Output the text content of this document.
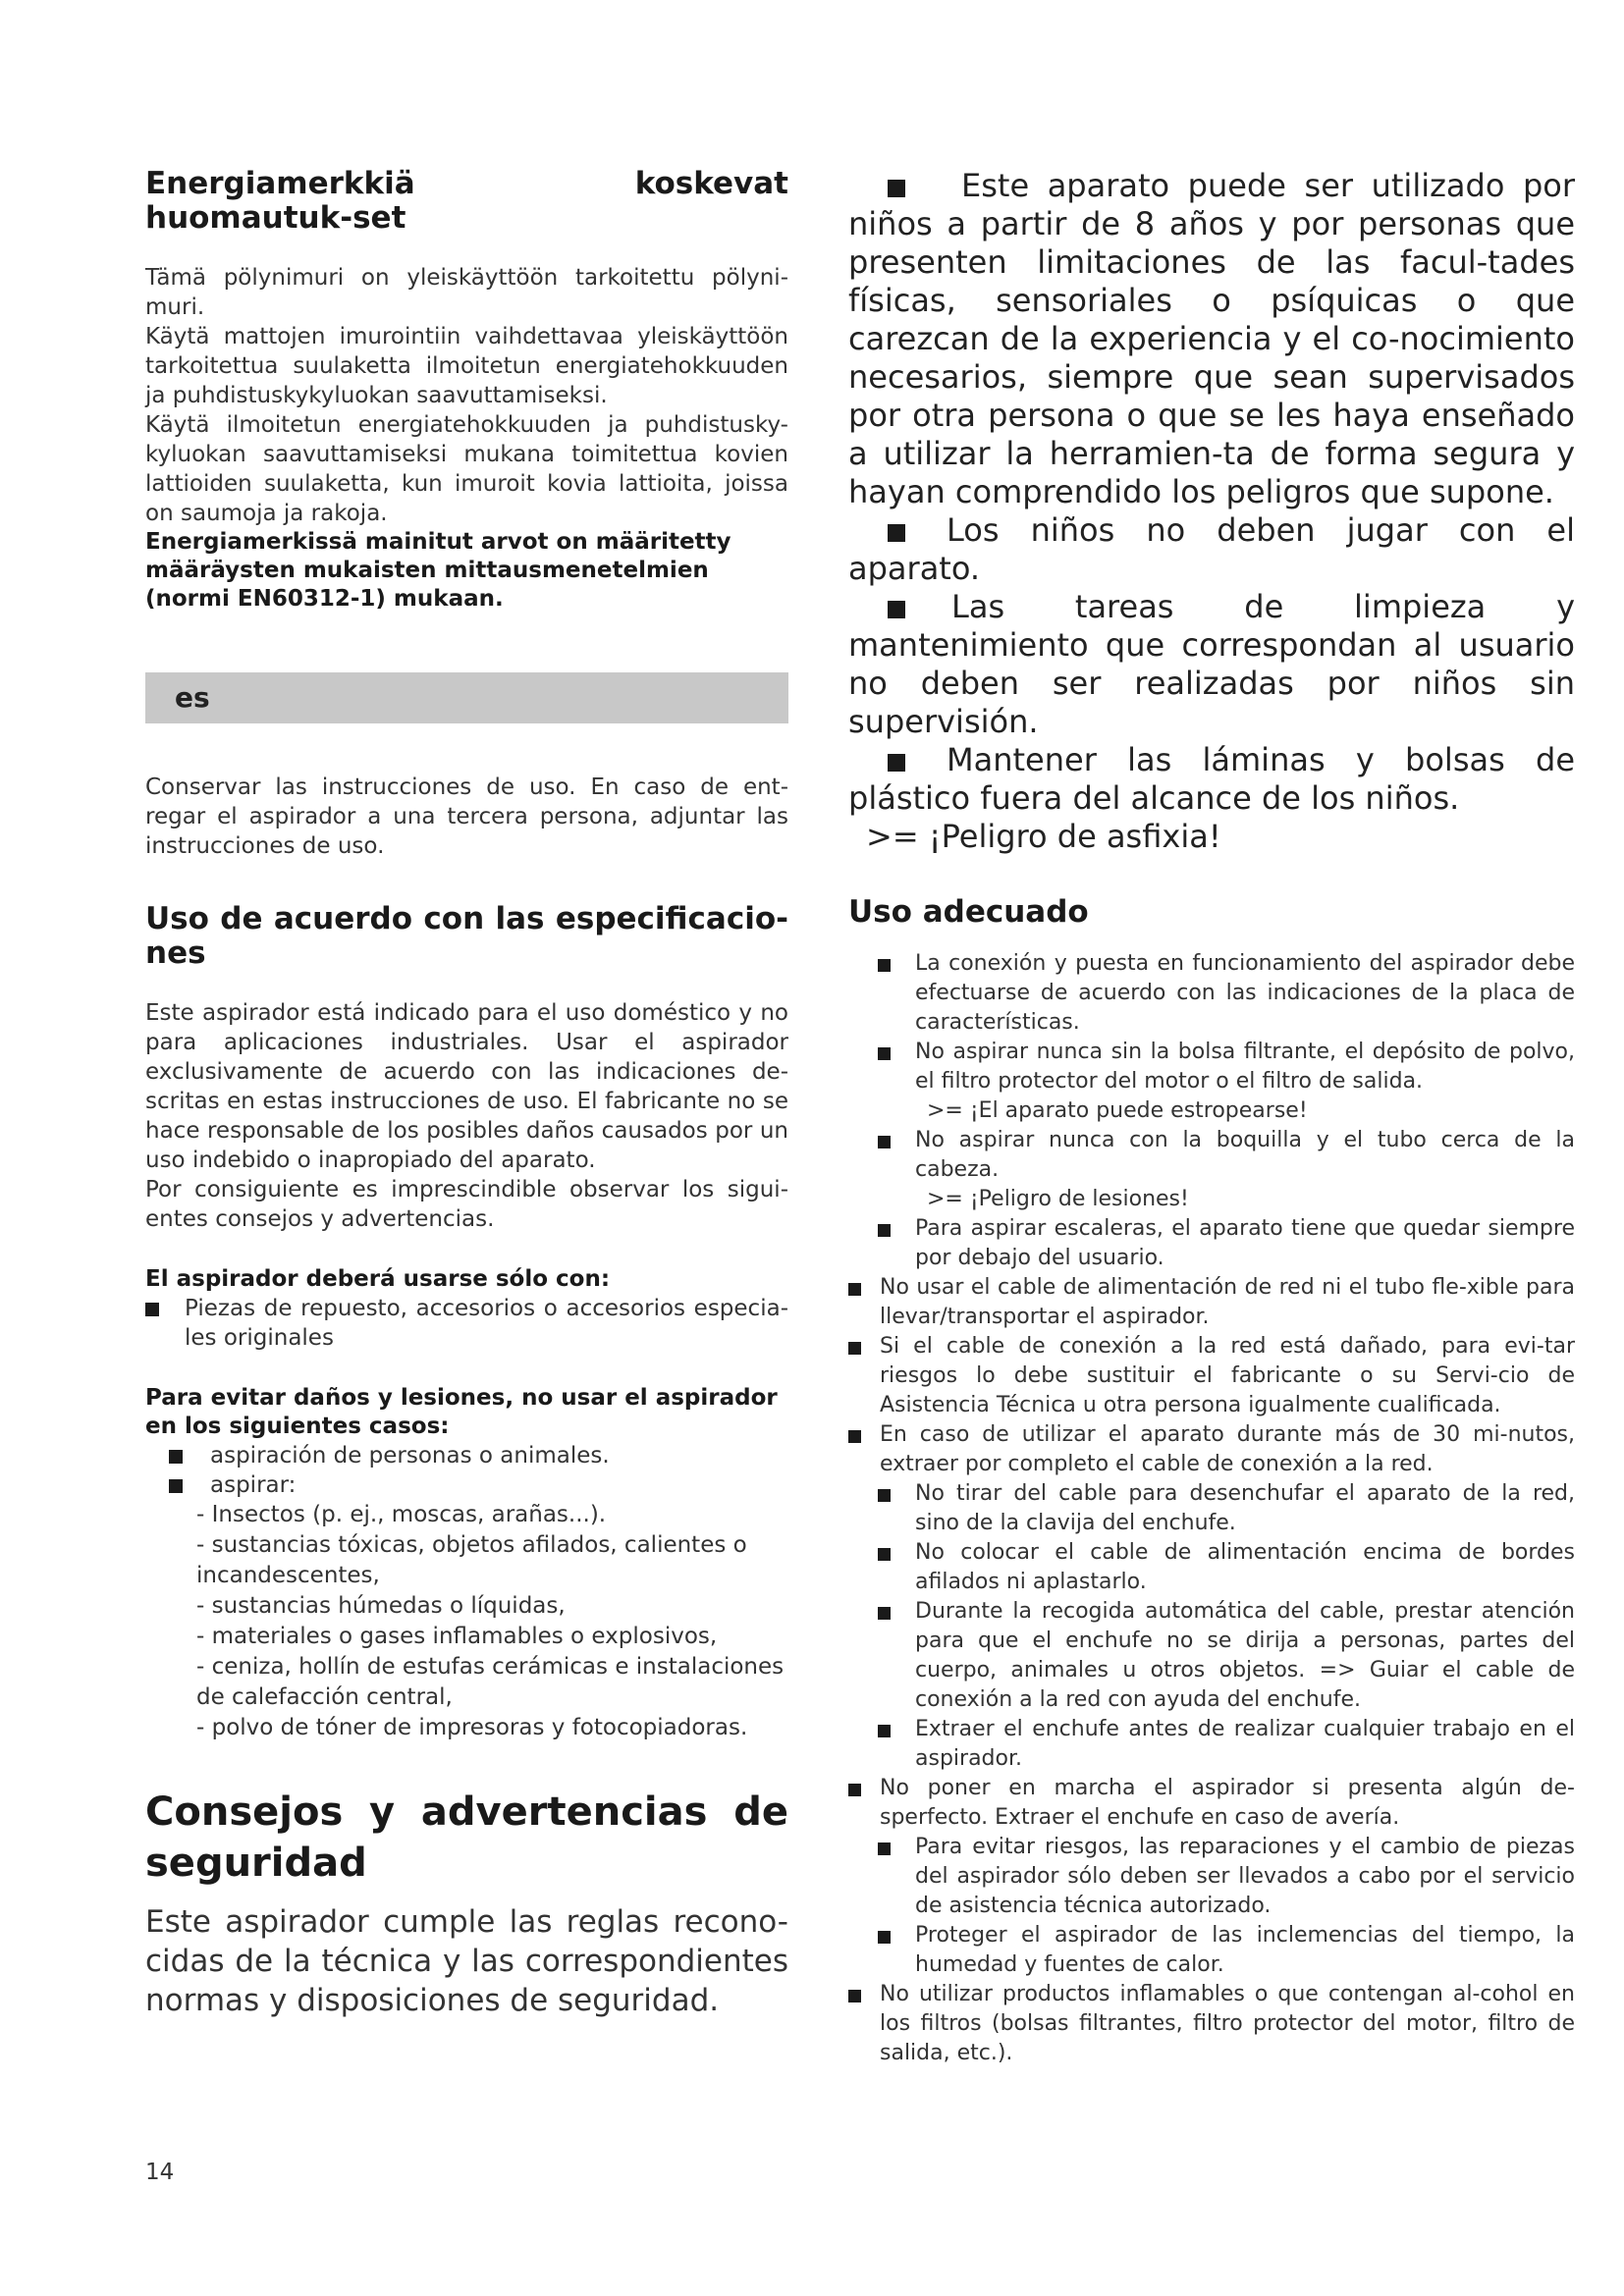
Energiamerkkiä koskevat huomautuk-set

Tämä pölynimuri on yleiskäyttöön tarkoitettu pölyni-muri.

Käytä mattojen imurointiin vaihdettavaa yleiskäyttöön tarkoitettua suulaketta ilmoitetun energiatehokkuuden ja puhdistuskykyluokan saavuttamiseksi.

Käytä ilmoitetun energiatehokkuuden ja puhdistusky-kyluokan saavuttamiseksi mukana toimitettua kovien lattioiden suulaketta, kun imuroit kovia lattioita, joissa on saumoja ja rakoja.

Energiamerkissä mainitut arvot on määritetty määräysten mukaisten mittausmenetelmien (normi EN60312-1) mukaan.

es

Conservar las instrucciones de uso. En caso de ent-regar el aspirador a una tercera persona, adjuntar las instrucciones de uso.

Uso de acuerdo con las especificacio-nes

Este aspirador está indicado para el uso doméstico y no para aplicaciones industriales. Usar el aspirador exclusivamente de acuerdo con las indicaciones de-scritas en estas instrucciones de uso. El fabricante no se hace responsable de los posibles daños causados por un uso indebido o inapropiado del aparato.

Por consiguiente es imprescindible observar los sigui-entes consejos y advertencias.

El aspirador deberá usarse sólo con:

Piezas de repuesto, accesorios o accesorios especia-les originales

Para evitar daños y lesiones, no usar el aspirador en los siguientes casos:

aspiración de personas o animales.
aspirar:
- Insectos (p. ej., moscas, arañas...).
- sustancias tóxicas, objetos afilados, calientes o incandescentes,
- sustancias húmedas o líquidas,
- materiales o gases inflamables o explosivos,
- ceniza, hollín de estufas cerámicas e instalaciones de calefacción central,
- polvo de tóner de impresoras y fotocopiadoras.
Consejos y advertencias de seguridad

Este aspirador cumple las reglas recono-cidas de la técnica y las correspondientes normas y disposiciones de seguridad.

Este aparato puede ser utilizado por niños a partir de 8 años y por personas que presenten limitaciones de las facul-tades físicas, sensoriales o psíquicas o que carezcan de la experiencia y el co-nocimiento necesarios, siempre que sean supervisados por otra persona o que se les haya enseñado a utilizar la herramien-ta de forma segura y hayan comprendido los peligros que supone.
Los niños no deben jugar con el aparato.
Las tareas de limpieza y mantenimiento que correspondan al usuario no deben ser realizadas por niños sin supervisión.
Mantener las láminas y bolsas de plástico fuera del alcance de los niños.
>= ¡Peligro de asfixia!
Uso adecuado
La conexión y puesta en funcionamiento del aspirador debe efectuarse de acuerdo con las indicaciones de la placa de características.
No aspirar nunca sin la bolsa filtrante, el depósito de polvo, el filtro protector del motor o el filtro de salida.
>= ¡El aparato puede estropearse!
No aspirar nunca con la boquilla y el tubo cerca de la cabeza.
>= ¡Peligro de lesiones!
Para aspirar escaleras, el aparato tiene que quedar siempre por debajo del usuario.
No usar el cable de alimentación de red ni el tubo fle-xible para llevar/transportar el aspirador.
Si el cable de conexión a la red está dañado, para evi-tar riesgos lo debe sustituir el fabricante o su Servi-cio de Asistencia Técnica u otra persona igualmente cualificada.
En caso de utilizar el aparato durante más de 30 mi-nutos, extraer por completo el cable de conexión a la red.
No tirar del cable para desenchufar el aparato de la red, sino de la clavija del enchufe.
No colocar el cable de alimentación encima de bordes afilados ni aplastarlo.
Durante la recogida automática del cable, prestar atención para que el enchufe no se dirija a personas, partes del cuerpo, animales u otros objetos. => Guiar el cable de conexión a la red con ayuda del enchufe.
Extraer el enchufe antes de realizar cualquier trabajo en el aspirador.
No poner en marcha el aspirador si presenta algún de-sperfecto. Extraer el enchufe en caso de avería.
Para evitar riesgos, las reparaciones y el cambio de piezas del aspirador sólo deben ser llevados a cabo por el servicio de asistencia técnica autorizado.
Proteger el aspirador de las inclemencias del tiempo, la humedad y fuentes de calor.
No utilizar productos inflamables o que contengan al-cohol en los filtros (bolsas filtrantes, filtro protector del motor, filtro de salida, etc.).
14
